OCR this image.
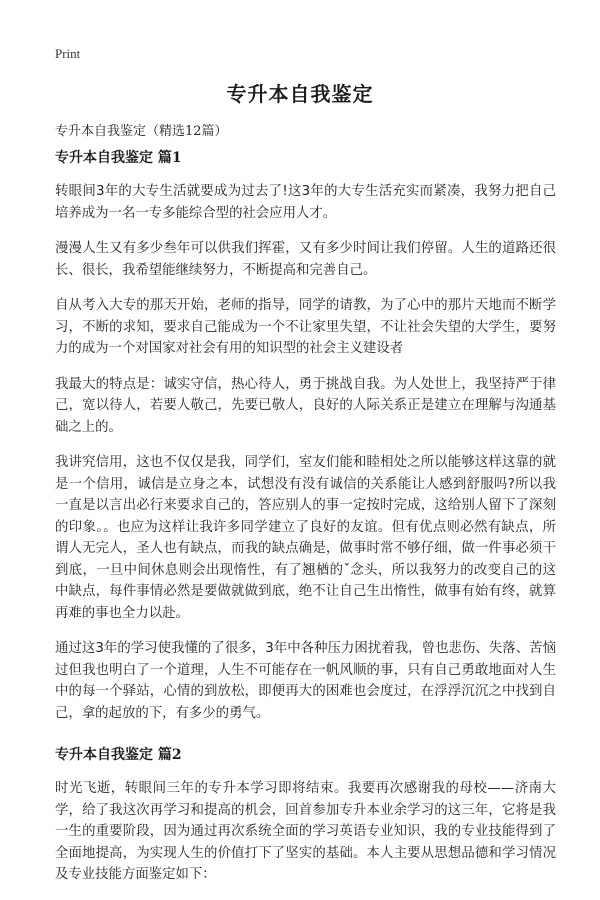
Print
专升本自我鉴定
专升本自我鉴定（精选12篇）
专升本自我鉴定 篇1

转眼间3年的大专生活就要成为过去了!这3年的大专生活充实而紧凑，我努力把自己培养成为一名一专多能综合型的社会应用人才。

漫漫人生又有多少叁年可以供我们挥霍，又有多少时间让我们停留。人生的道路还很长、很长，我希望能继续努力，不断提高和完善自己。

自从考入大专的那天开始，老师的指导，同学的请教，为了心中的那片天地而不断学习，不断的求知，要求自己能成为一个不让家里失望，不让社会失望的大学生，要努力的成为一个对国家对社会有用的知识型的社会主义建设者

我最大的特点是：诚实守信，热心待人，勇于挑战自我。为人处世上，我坚持严于律己，宽以待人，若要人敬己，先要已敬人，良好的人际关系正是建立在理解与沟通基础之上的。

我讲究信用，这也不仅仅是我，同学们，室友们能和睦相处之所以能够这样这靠的就是一个信用，诚信是立身之本，试想没有没有诚信的关系能让人感到舒服吗?所以我一直是以言出必行来要求自己的，答应别人的事一定按时完成，这给别人留下了深刻的印象。。也应为这样让我许多同学建立了良好的友谊。但有优点则必然有缺点，所谓人无完人，圣人也有缺点，而我的缺点确是，做事时常不够仔细，做一件事必须干到底，一旦中间休息则会出现惰性，有了翘楢的ˇ念头，所以我努力的改变自己的这中缺点，每件事情必然是要做就做到底，绝不让自己生出惰性，做事有始有终，就算再难的事也全力以赴。

通过这3年的学习使我懂的了很多，3年中各种压力困扰着我，曾也悲伤、失落、苦恼过但我也明白了一个道理，人生不可能存在一帆风顺的事，只有自己勇敢地面对人生中的每一个驿站，心情的到放松，即便再大的困难也会度过，在浮浮沉沉之中找到自己，拿的起放的下，有多少的勇气。

专升本自我鉴定 篇2

时光飞逝，转眼间三年的专升本学习即将结束。我要再次感谢我的母校——济南大学，给了我这次再学习和提高的机会，回首参加专升本业余学习的这三年，它将是我一生的重要阶段，因为通过再次系统全面的学习英语专业知识，我的专业技能得到了全面地提高，为实现人生的价值打下了坚实的基础。本人主要从思想品德和学习情况及专业技能方面鉴定如下：
